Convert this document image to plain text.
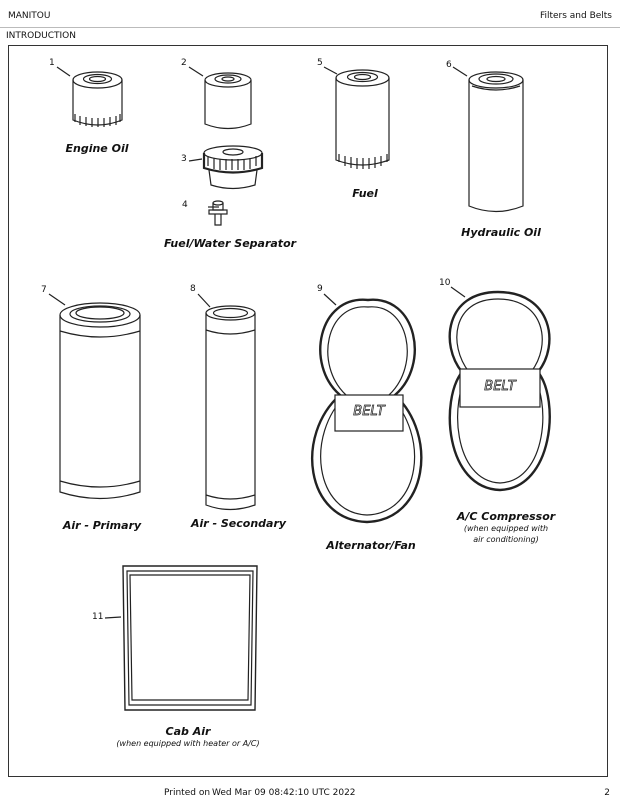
MANITOU	Filters and Belts
INTRODUCTION
BELT
BELT
1	2
3
4
5	6
7	8	9
10
11
Engine Oil
Fuel/Water Separator
Fuel
Hydraulic Oil
Air - Primary	Air - Secondary
Alternator/Fan
A/C Compressor
(when equipped with
air conditioning)
Cab Air
(when equipped with heater or A/C)
Printed on Wed Mar 09 08:42:10 UTC 2022	2
